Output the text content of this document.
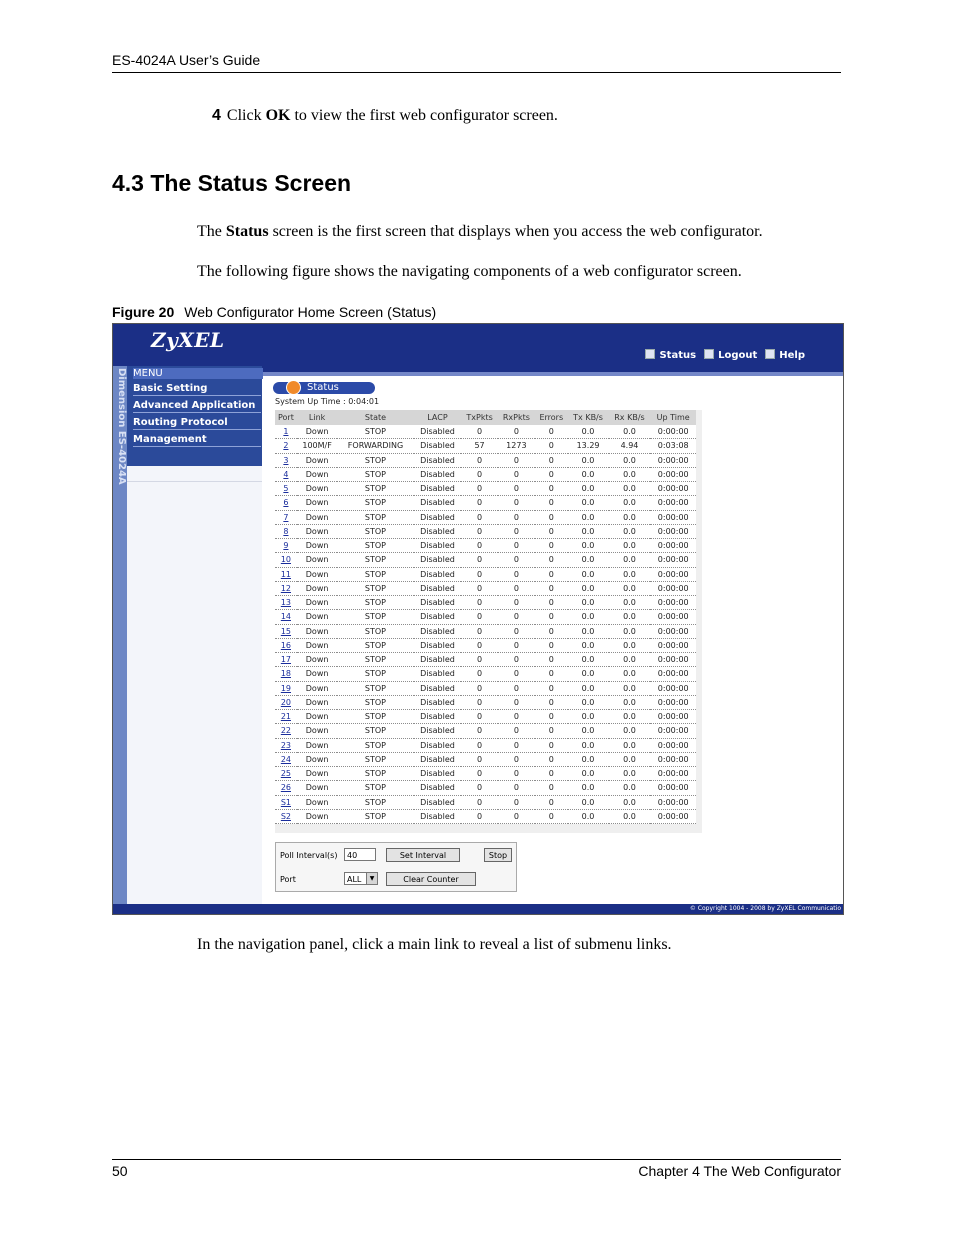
ES-4024A User’s Guide
4 Click OK to view the first web configurator screen.
4.3 The Status Screen
The Status screen is the first screen that displays when you access the web configurator.
The following figure shows the navigating components of a web configurator screen.
Figure 20 Web Configurator Home Screen (Status)
ZyXEL
Status	Logout	Help
Dimension ES-4024A MENU
Basic Setting
Advanced Application
Routing Protocol
Management
Status
System Up Time : 0:04:01
Port	Link	State	LACP	TxPkts	RxPkts	Errors	Tx KB/s	Rx KB/s	Up Time
1	Down	STOP	Disabled	0	0	0	0.0	0.0	0:00:00
2	100M/F	FORWARDING	Disabled	57	1273	0	13.29	4.94	0:03:08
3	Down	STOP	Disabled	0	0	0	0.0	0.0	0:00:00
4	Down	STOP	Disabled	0	0	0	0.0	0.0	0:00:00
5	Down	STOP	Disabled	0	0	0	0.0	0.0	0:00:00
6	Down	STOP	Disabled	0	0	0	0.0	0.0	0:00:00
7	Down	STOP	Disabled	0	0	0	0.0	0.0	0:00:00
8	Down	STOP	Disabled	0	0	0	0.0	0.0	0:00:00
9	Down	STOP	Disabled	0	0	0	0.0	0.0	0:00:00
10	Down	STOP	Disabled	0	0	0	0.0	0.0	0:00:00
11	Down	STOP	Disabled	0	0	0	0.0	0.0	0:00:00
12	Down	STOP	Disabled	0	0	0	0.0	0.0	0:00:00
13	Down	STOP	Disabled	0	0	0	0.0	0.0	0:00:00
14	Down	STOP	Disabled	0	0	0	0.0	0.0	0:00:00
15	Down	STOP	Disabled	0	0	0	0.0	0.0	0:00:00
16	Down	STOP	Disabled	0	0	0	0.0	0.0	0:00:00
17	Down	STOP	Disabled	0	0	0	0.0	0.0	0:00:00
18	Down	STOP	Disabled	0	0	0	0.0	0.0	0:00:00
19	Down	STOP	Disabled	0	0	0	0.0	0.0	0:00:00
20	Down	STOP	Disabled	0	0	0	0.0	0.0	0:00:00
21	Down	STOP	Disabled	0	0	0	0.0	0.0	0:00:00
22	Down	STOP	Disabled	0	0	0	0.0	0.0	0:00:00
23	Down	STOP	Disabled	0	0	0	0.0	0.0	0:00:00
24	Down	STOP	Disabled	0	0	0	0.0	0.0	0:00:00
25	Down	STOP	Disabled	0	0	0	0.0	0.0	0:00:00
26	Down	STOP	Disabled	0	0	0	0.0	0.0	0:00:00
S1	Down	STOP	Disabled	0	0	0	0.0	0.0	0:00:00
S2	Down	STOP	Disabled	0	0	0	0.0	0.0	0:00:00
Poll Interval(s)	40	Set Interval	Stop
Port	ALL	▼	Clear Counter
© Copyright 1004 - 2008 by ZyXEL Communicatio
In the navigation panel, click a main link to reveal a list of submenu links.
50	Chapter 4 The Web Configurator
